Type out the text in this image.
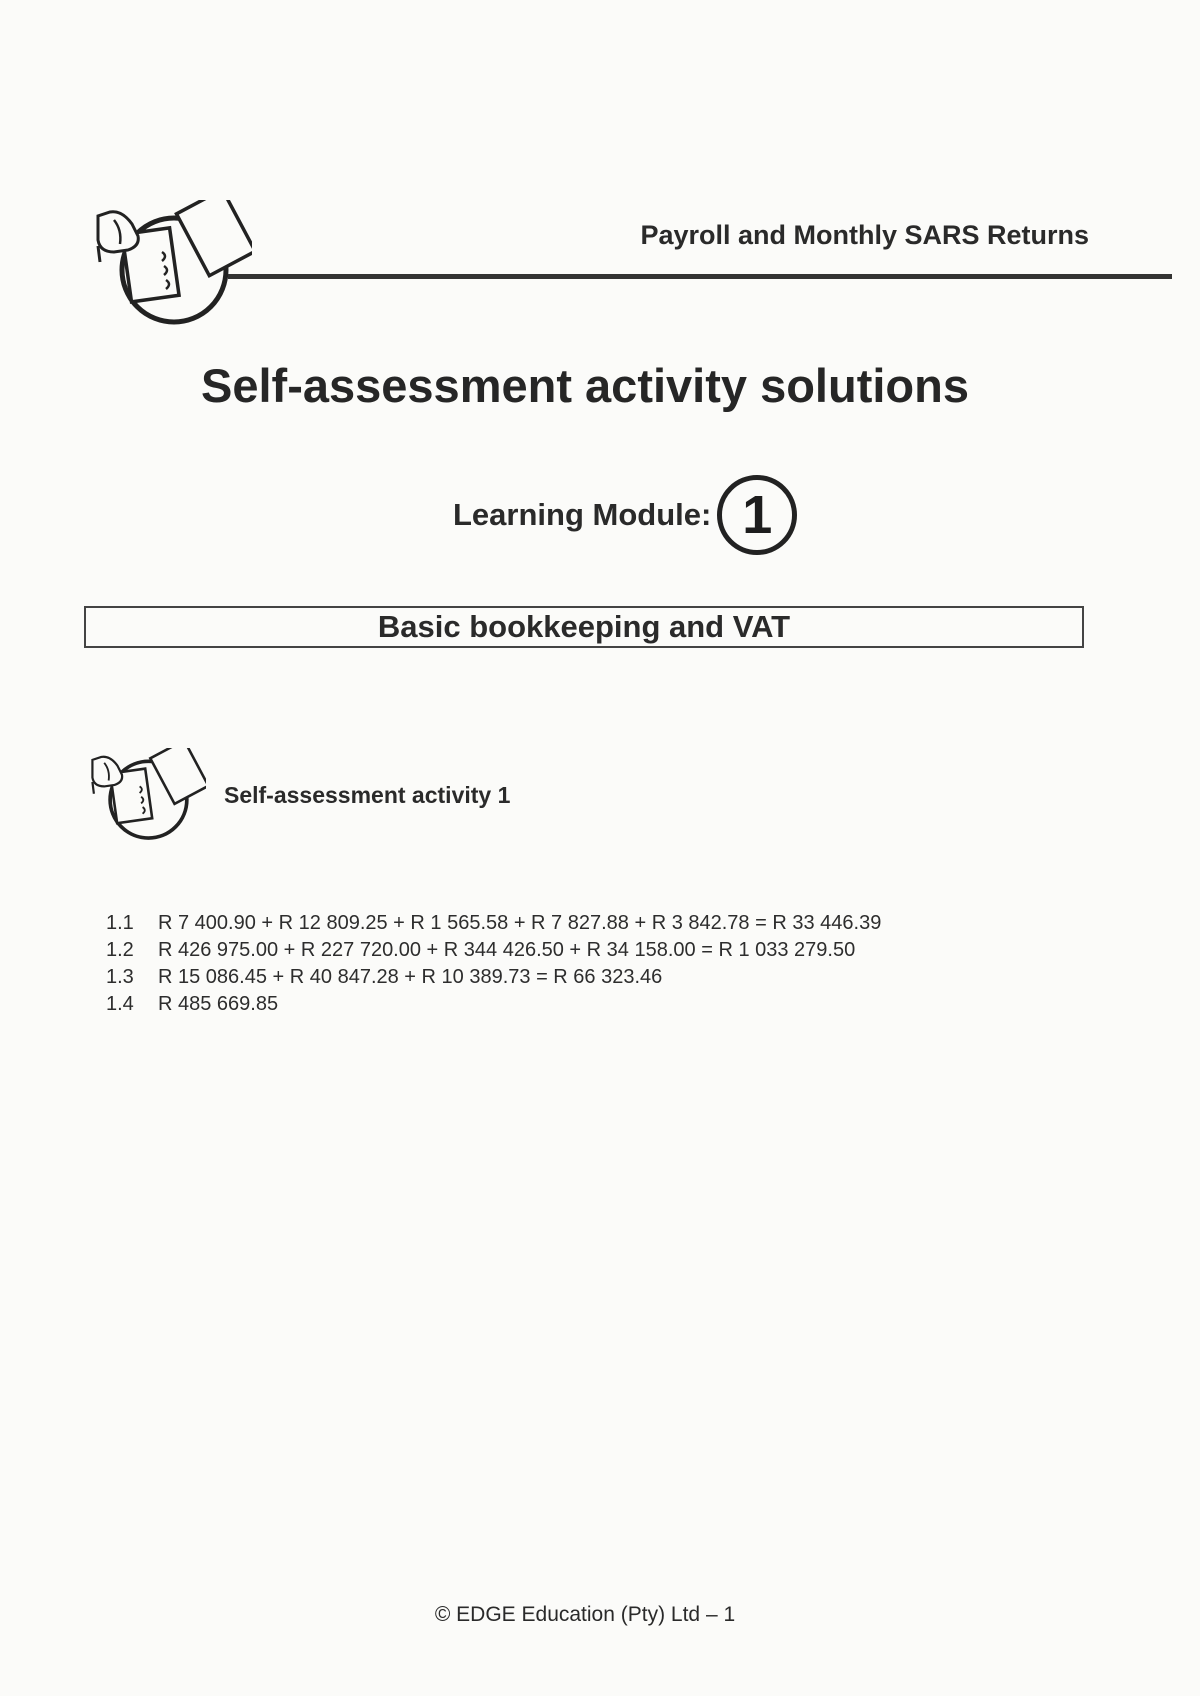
Payroll and Monthly SARS Returns
Self-assessment activity solutions
Learning Module: 1
Basic bookkeeping and VAT
Self-assessment activity 1
1.1	R 7 400.90 + R 12 809.25 + R 1 565.58 + R 7 827.88 + R 3 842.78 = R 33 446.39
1.2	R 426 975.00 + R 227 720.00 + R 344 426.50 + R 34 158.00 = R 1 033 279.50
1.3	R 15 086.45 + R 40 847.28 + R 10 389.73 = R 66 323.46
1.4	R 485 669.85
© EDGE Education (Pty) Ltd – 1
